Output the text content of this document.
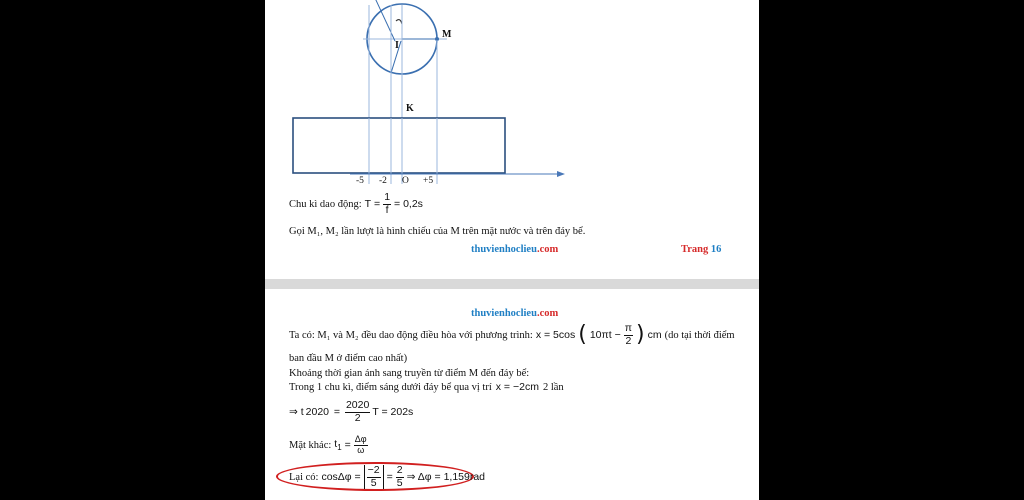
M
I
K
-5 -2 O +5
Chu kì dao động: $T = \frac{1}{f} = 0,2s$
Gọi M₁, M₂ lần lượt là hình chiếu của M trên mặt nước và trên đáy bể.
thuvienhoclieu.com	Trang 16
thuvienhoclieu.com
Ta có: M₁ và M₂ đều dao động điều hòa với phương trình: x = 5cos ( $10\pi t - \frac{\pi}{2}$ ) cm (do tại thời điểm
ban đầu M ở điểm cao nhất)
Khoảng thời gian ánh sang truyền từ điểm M đến đáy bể:
Trong 1 chu kì, điểm sáng dưới đáy bể qua vị trí x = −2cm 2 lần
⇒ t $2020 = \frac{2020}{2}$ T = 202s
Mặt khác: $t_1 = \frac{\Delta\varphi}{\omega}$
Lại có: $\cos\Delta\varphi = \frac{-2}{5} = \frac{2}{5}$ ⇒ Δφ = 1,159rad
